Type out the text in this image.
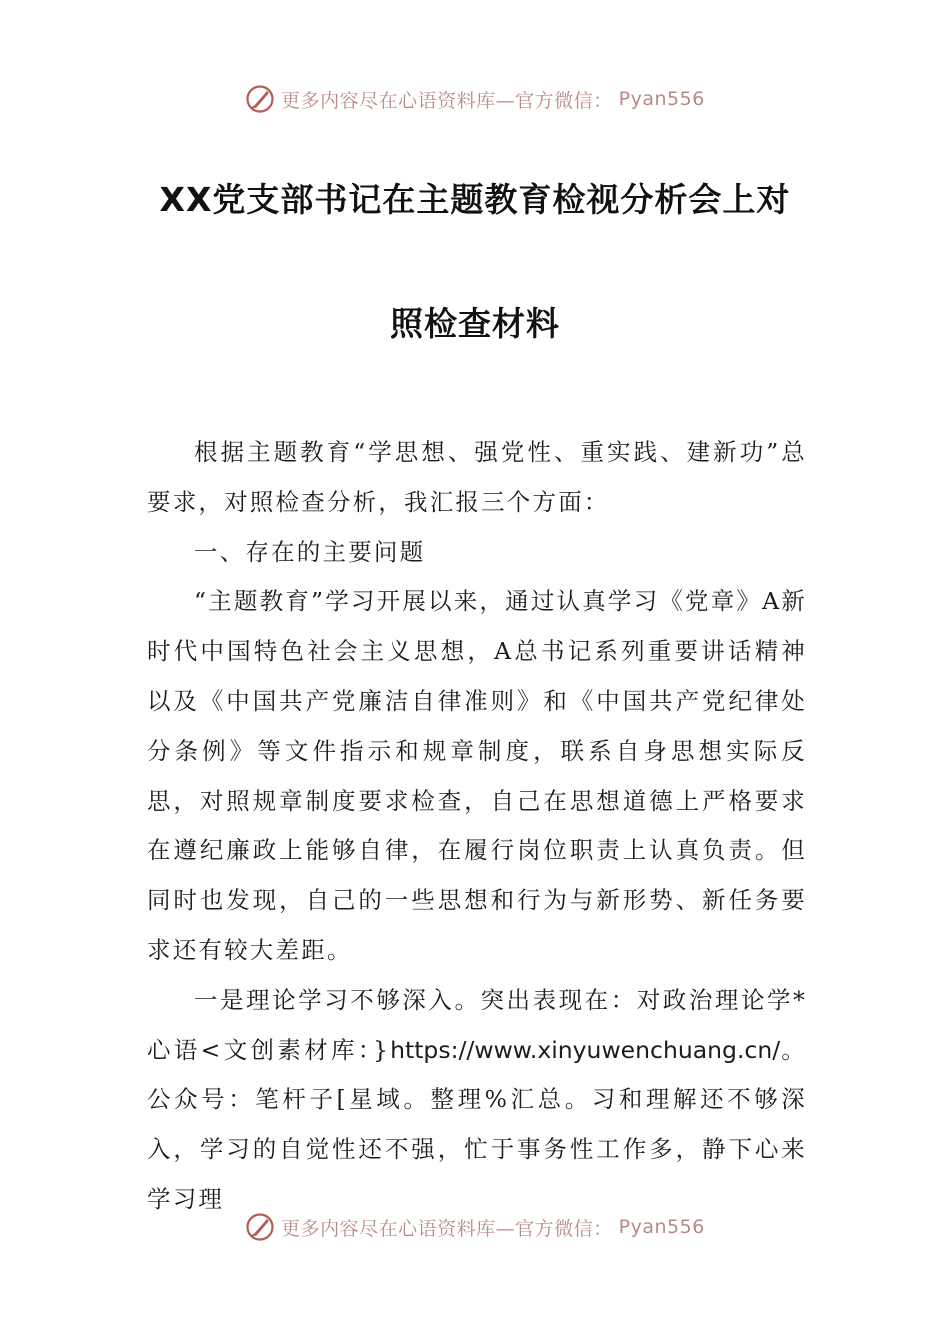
更多内容尽在心语资料库—官方微信： Pyan556
XX党支部书记在主题教育检视分析会上对
照检查材料

根据主题教育“学思想、强党性、重实践、建新功”总要求，对照检查分析，我汇报三个方面：

一、存在的主要问题

“主题教育”学习开展以来，通过认真学习《党章》A新时代中国特色社会主义思想，A总书记系列重要讲话精神以及《中国共产党廉洁自律准则》和《中国共产党纪律处分条例》等文件指示和规章制度，联系自身思想实际反思，对照规章制度要求检查，自己在思想道德上严格要求在遵纪廉政上能够自律，在履行岗位职责上认真负责。但同时也发现，自己的一些思想和行为与新形势、新任务要求还有较大差距。

一是理论学习不够深入。突出表现在：对政治理论学*心语<文创素材库：}https://www.xinyuwenchuang.cn/。公众号：笔杆子[星域。整理%汇总。习和理解还不够深入，学习的自觉性还不强，忙于事务性工作多，静下心来学习理

更多内容尽在心语资料库—官方微信： Pyan556
